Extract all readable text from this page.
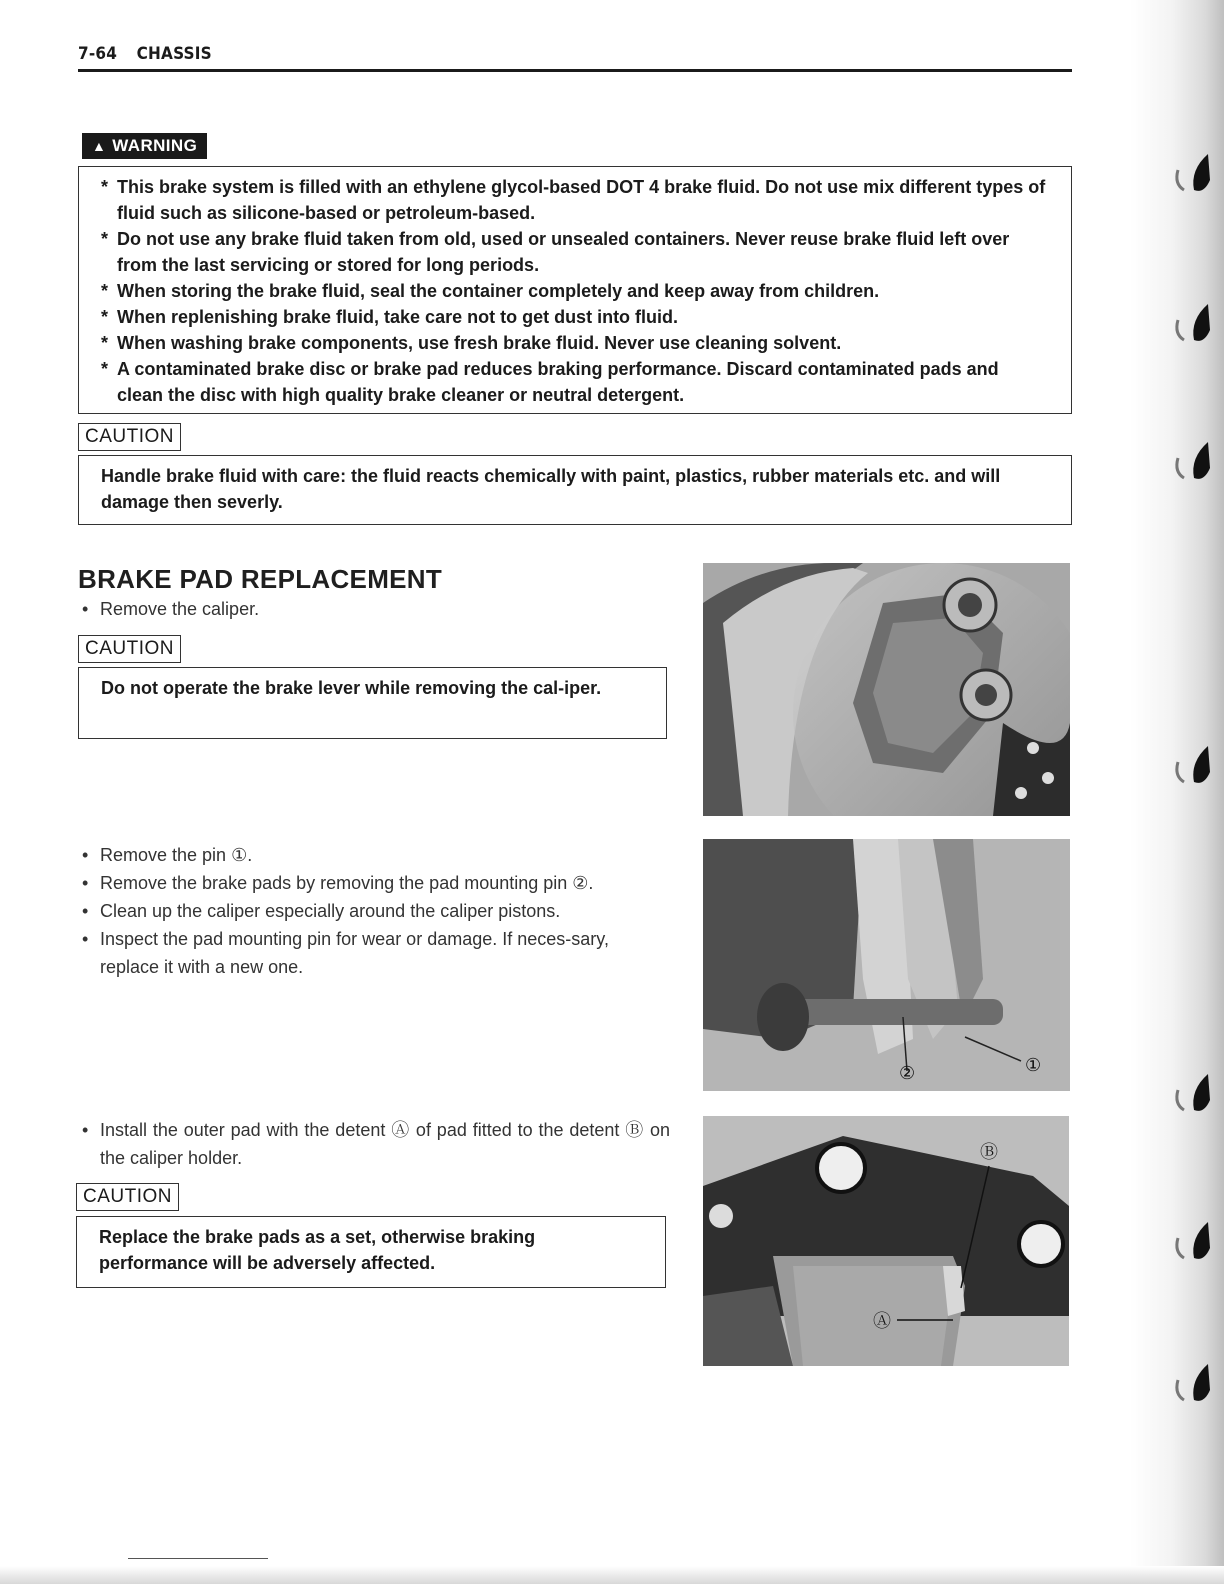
7-64 CHASSIS
▲ WARNING
* This brake system is filled with an ethylene glycol-based DOT 4 brake fluid. Do not use mix different types of fluid such as silicone-based or petroleum-based.
* Do not use any brake fluid taken from old, used or unsealed containers. Never reuse brake fluid left over from the last servicing or stored for long periods.
* When storing the brake fluid, seal the container completely and keep away from children.
* When replenishing brake fluid, take care not to get dust into fluid.
* When washing brake components, use fresh brake fluid. Never use cleaning solvent.
* A contaminated brake disc or brake pad reduces braking performance. Discard contaminated pads and clean the disc with high quality brake cleaner or neutral detergent.
CAUTION
Handle brake fluid with care: the fluid reacts chemically with paint, plastics, rubber materials etc. and will damage then severly.
BRAKE PAD REPLACEMENT
• Remove the caliper.
CAUTION
Do not operate the brake lever while removing the cal-iper.
• Remove the pin ①.
• Remove the brake pads by removing the pad mounting pin ②.
• Clean up the caliper especially around the caliper pistons.
• Inspect the pad mounting pin for wear or damage. If neces-sary, replace it with a new one.
• Install the outer pad with the detent Ⓐ of pad fitted to the detent Ⓑ on the caliper holder.
CAUTION
Replace the brake pads as a set, otherwise braking performance will be adversely affected.
②	①
Ⓑ
Ⓐ
